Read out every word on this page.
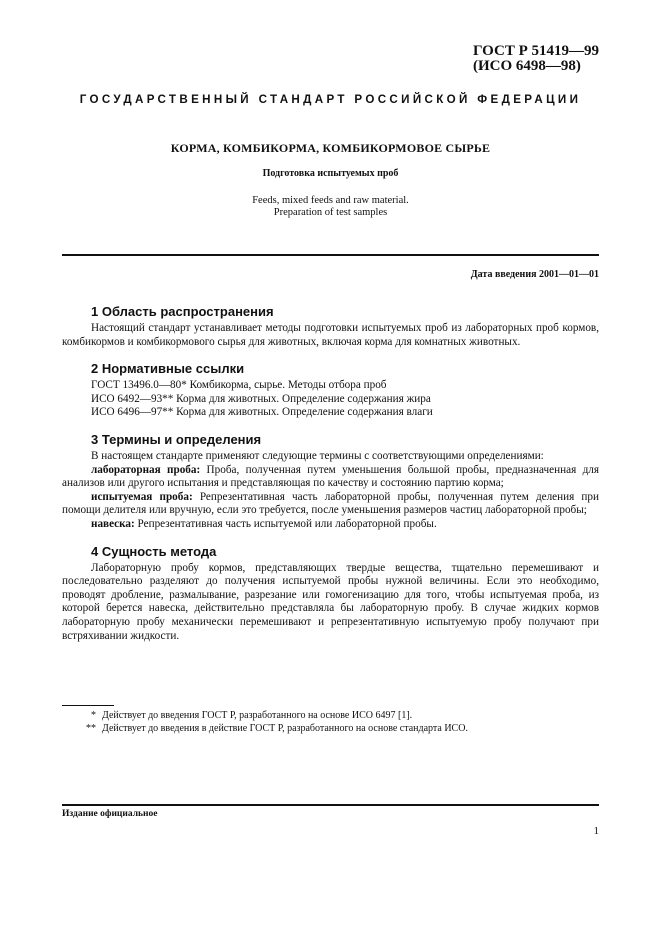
ГОСТ Р 51419—99
(ИСО 6498—98)
ГОСУДАРСТВЕННЫЙ СТАНДАРТ РОССИЙСКОЙ ФЕДЕРАЦИИ
КОРМА, КОМБИКОРМА, КОМБИКОРМОВОЕ СЫРЬЕ
Подготовка испытуемых проб
Feeds, mixed feeds and raw material.
Preparation of test samples
Дата введения 2001—01—01
1 Область распространения

Настоящий стандарт устанавливает методы подготовки испытуемых проб из лабораторных проб кормов, комбикормов и комбикормового сырья для животных, включая корма для комнатных животных.

2 Нормативные ссылки

ГОСТ 13496.0—80* Комбикорма, сырье. Методы отбора проб

ИСО 6492—93** Корма для животных. Определение содержания жира

ИСО 6496—97** Корма для животных. Определение содержания влаги

3 Термины и определения

В настоящем стандарте применяют следующие термины с соответствующими определениями:

лабораторная проба: Проба, полученная путем уменьшения большой пробы, предназначенная для анализов или другого испытания и представляющая по качеству и состоянию партию корма;

испытуемая проба: Репрезентативная часть лабораторной пробы, полученная путем деления при помощи делителя или вручную, если это требуется, после уменьшения размеров частиц лабораторной пробы;

навеска: Репрезентативная часть испытуемой или лабораторной пробы.

4 Сущность метода

Лабораторную пробу кормов, представляющих твердые вещества, тщательно перемешивают и последовательно разделяют до получения испытуемой пробы нужной величины. Если это необходимо, проводят дробление, размалывание, разрезание или гомогенизацию для того, чтобы испытуемая проба, из которой берется навеска, действительно представляла бы лабораторную пробу. В случае жидких кормов лабораторную пробу механически перемешивают и репрезентативную испытуемую пробу получают при встряхивании жидкости.

* Действует до введения ГОСТ Р, разработанного на основе ИСО 6497 [1].
** Действует до введения в действие ГОСТ Р, разработанного на основе стандарта ИСО.
Издание официальное
1
